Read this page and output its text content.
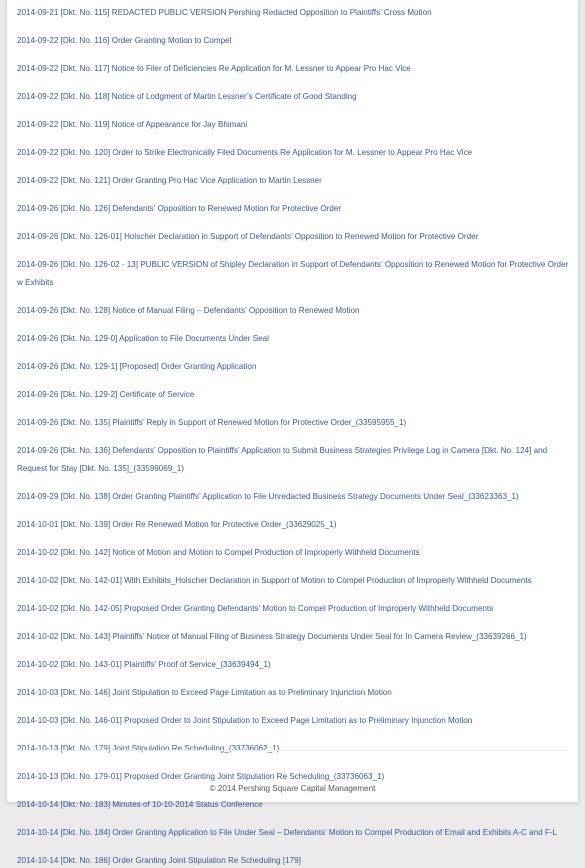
2014-09-21 [Dkt. No. 115] REDACTED PUBLIC VERSION Pershing Redacted Opposition to Plaintiffs’ Cross Motion
2014-09-22 [Dkt. No. 116] Order Granting Motion to Compel
2014-09-22 [Dkt. No. 117] Notice to Filer of Deficiencies Re Application for M. Lessner to Appear Pro Hac Vice
2014-09-22 [Dkt. No. 118] Notice of Lodgment of Martin Lessner’s Certificate of Good Standing
2014-09-22 [Dkt. No. 119] Notice of Appearance for Jay Bhimani
2014-09-22 [Dkt. No. 120] Order to Strike Electronically Filed Documents Re Application for M. Lessner to Appear Pro Hac Vice
2014-09-22 [Dkt. No. 121] Order Granting Pro Hac Vice Application to Martin Lessner
2014-09-26 [Dkt. No. 126] Defendants’ Opposition to Renewed Motion for Protective Order
2014-09-26 [Dkt. No. 126-01] Holscher Declaration in Support of Defendants’ Opposition to Renewed Motion for Protective Order
2014-09-26 [Dkt. No. 126-02 - 13] PUBLIC VERSION of Shipley Declaration in Support of Defendants’ Opposition to Renewed Motion for Protective Order w Exhibits
2014-09-26 [Dkt. No. 128] Notice of Manual Filing – Defendants’ Opposition to Renewed Motion
2014-09-26 [Dkt. No. 129-0] Application to File Documents Under Seal
2014-09-26 [Dkt. No. 129-1] [Proposed] Order Granting Application
2014-09-26 [Dkt. No. 129-2] Certificate of Service
2014-09-26 [Dkt. No. 135] Plaintiffs’ Reply in Support of Renewed Motion for Protective Order_(33595955_1)
2014-09-26 [Dkt. No. 136] Defendants’ Opposition to Plaintiffs’ Application to Submit Business Strategies Privilege Log in Camera [Dkt. No. 124] and Request for Stay [Dkt. No. 135]_(33599069_1)
2014-09-29 [Dkt. No. 138] Order Granting Plaintiffs’ Application to File Unredacted Business Strategy Documents Under Seal_(33623363_1)
2014-10-01 [Dkt. No. 139] Order Re Renewed Motion for Protective Order_(33629025_1)
2014-10-02 [Dkt. No. 142] Notice of Motion and Motion to Compel Production of Improperly Withheld Documents
2014-10-02 [Dkt. No. 142-01] With Exhibits_Holscher Declaration in Support of Motion to Compel Production of Improperly Withheld Documents
2014-10-02 [Dkt. No. 142-05] Proposed Order Granting Defendants’ Motion to Compel Production of Improperly Withheld Documents
2014-10-02 [Dkt. No. 143] Plaintiffs’ Notice of Manual Filing of Business Strategy Documents Under Seal for In Camera Review_(33639266_1)
2014-10-02 [Dkt. No. 143-01] Plaintiffs’ Proof of Service_(33639494_1)
2014-10-03 [Dkt. No. 146] Joint Stipulation to Exceed Page Limitation as to Preliminary Injunction Motion
2014-10-03 [Dkt. No. 146-01] Proposed Order to Joint Stipulation to Exceed Page Limitation as to Preliminary Injunction Motion
2014-10-13 [Dkt. No. 179] Joint Stipulation Re Scheduling_(33736062_1)
2014-10-13 [Dkt. No. 179-01] Proposed Order Granting Joint Stipulation Re Scheduling_(33736063_1)
2014-10-14 [Dkt. No. 183] Minutes of 10-10-2014 Status Conference
2014-10-14 [Dkt. No. 184] Order Granting Application to File Under Seal – Defendants’ Motion to Compel Production of Email and Exhibits A-C and F-L
2014-10-14 [Dkt. No. 186] Order Granting Joint Stipulation Re Scheduling [179]
© 2014 Pershing Square Capital Management
